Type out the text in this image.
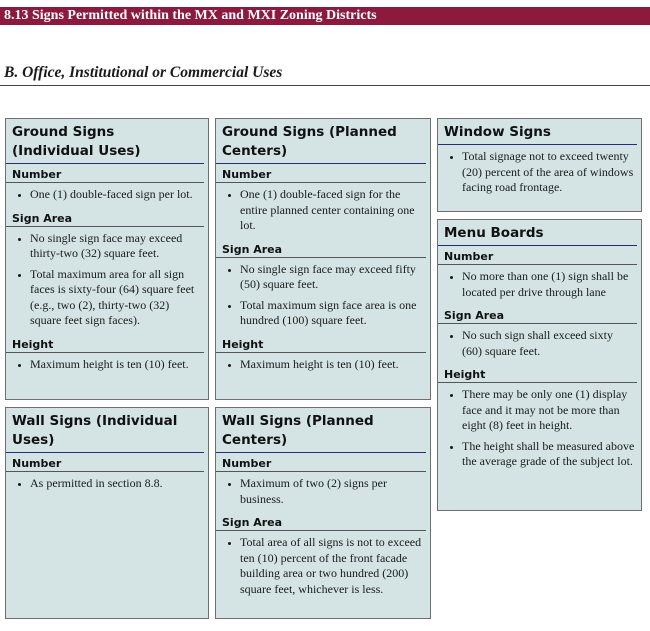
8.13 Signs Permitted within the MX and MXI Zoning Districts
B. Office, Institutional or Commercial Uses
Ground Signs (Individual Uses)
Number
• One (1) double-faced sign per lot.
Sign Area
• No single sign face may exceed thirty-two (32) square feet.
• Total maximum area for all sign faces is sixty-four (64) square feet (e.g., two (2), thirty-two (32) square feet sign faces).
Height
• Maximum height is ten (10) feet.
Ground Signs (Planned Centers)
Number
• One (1) double-faced sign for the entire planned center containing one lot.
Sign Area
• No single sign face may exceed fifty (50) square feet.
• Total maximum sign face area is one hundred (100) square feet.
Height
• Maximum height is ten (10) feet.
Window Signs
• Total signage not to exceed twenty (20) percent of the area of windows facing road frontage.
Menu Boards
Number
• No more than one (1) sign shall be located per drive through lane
Sign Area
• No such sign shall exceed sixty (60) square feet.
Height
• There may be only one (1) display face and it may not be more than eight (8) feet in height.
• The height shall be measured above the average grade of the subject lot.
Wall Signs (Individual Uses)
Number
• As permitted in section 8.8.
Wall Signs (Planned Centers)
Number
• Maximum of two (2) signs per business.
Sign Area
• Total area of all signs is not to exceed ten (10) percent of the front facade building area or two hundred (200) square feet, whichever is less.
